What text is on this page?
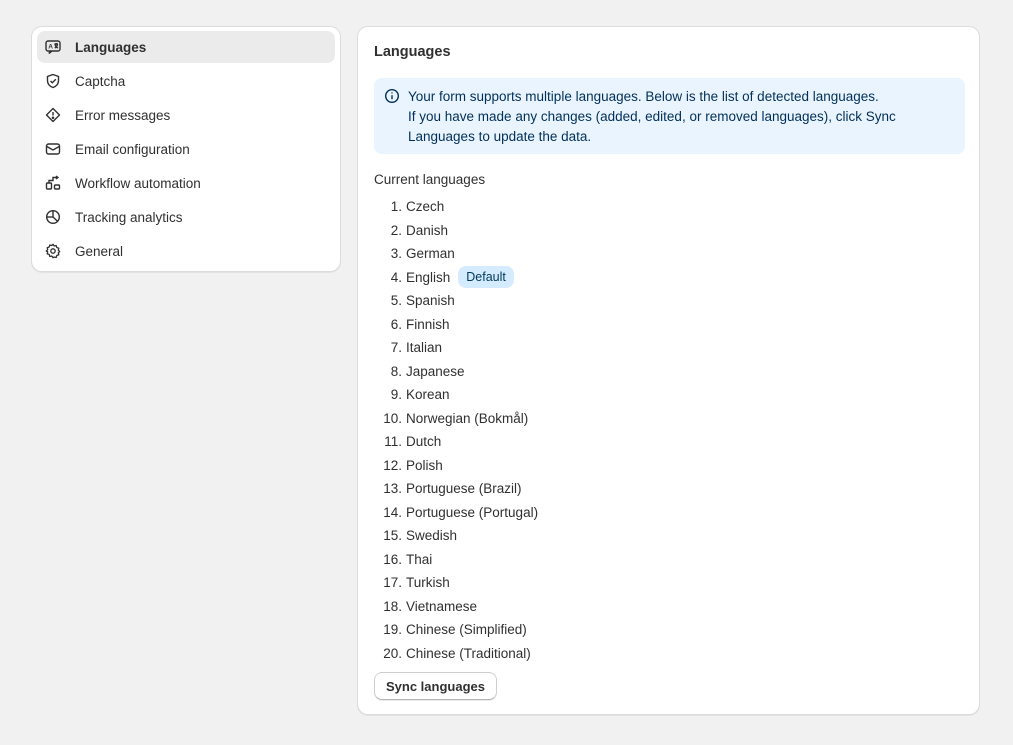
A Languages
Captcha
Error messages
Email configuration
Workflow automation
Tracking analytics
General
Languages
Your form supports multiple languages. Below is the list of detected languages.
If you have made any changes (added, edited, or removed languages), click Sync Languages to update the data.
Current languages
1. Czech
2. Danish
3. German
4. English	Default
5. Spanish
6. Finnish
7. Italian
8. Japanese
9. Korean
10. Norwegian (Bokmål)
11. Dutch
12. Polish
13. Portuguese (Brazil)
14. Portuguese (Portugal)
15. Swedish
16. Thai
17. Turkish
18. Vietnamese
19. Chinese (Simplified)
20. Chinese (Traditional)
Sync languages
